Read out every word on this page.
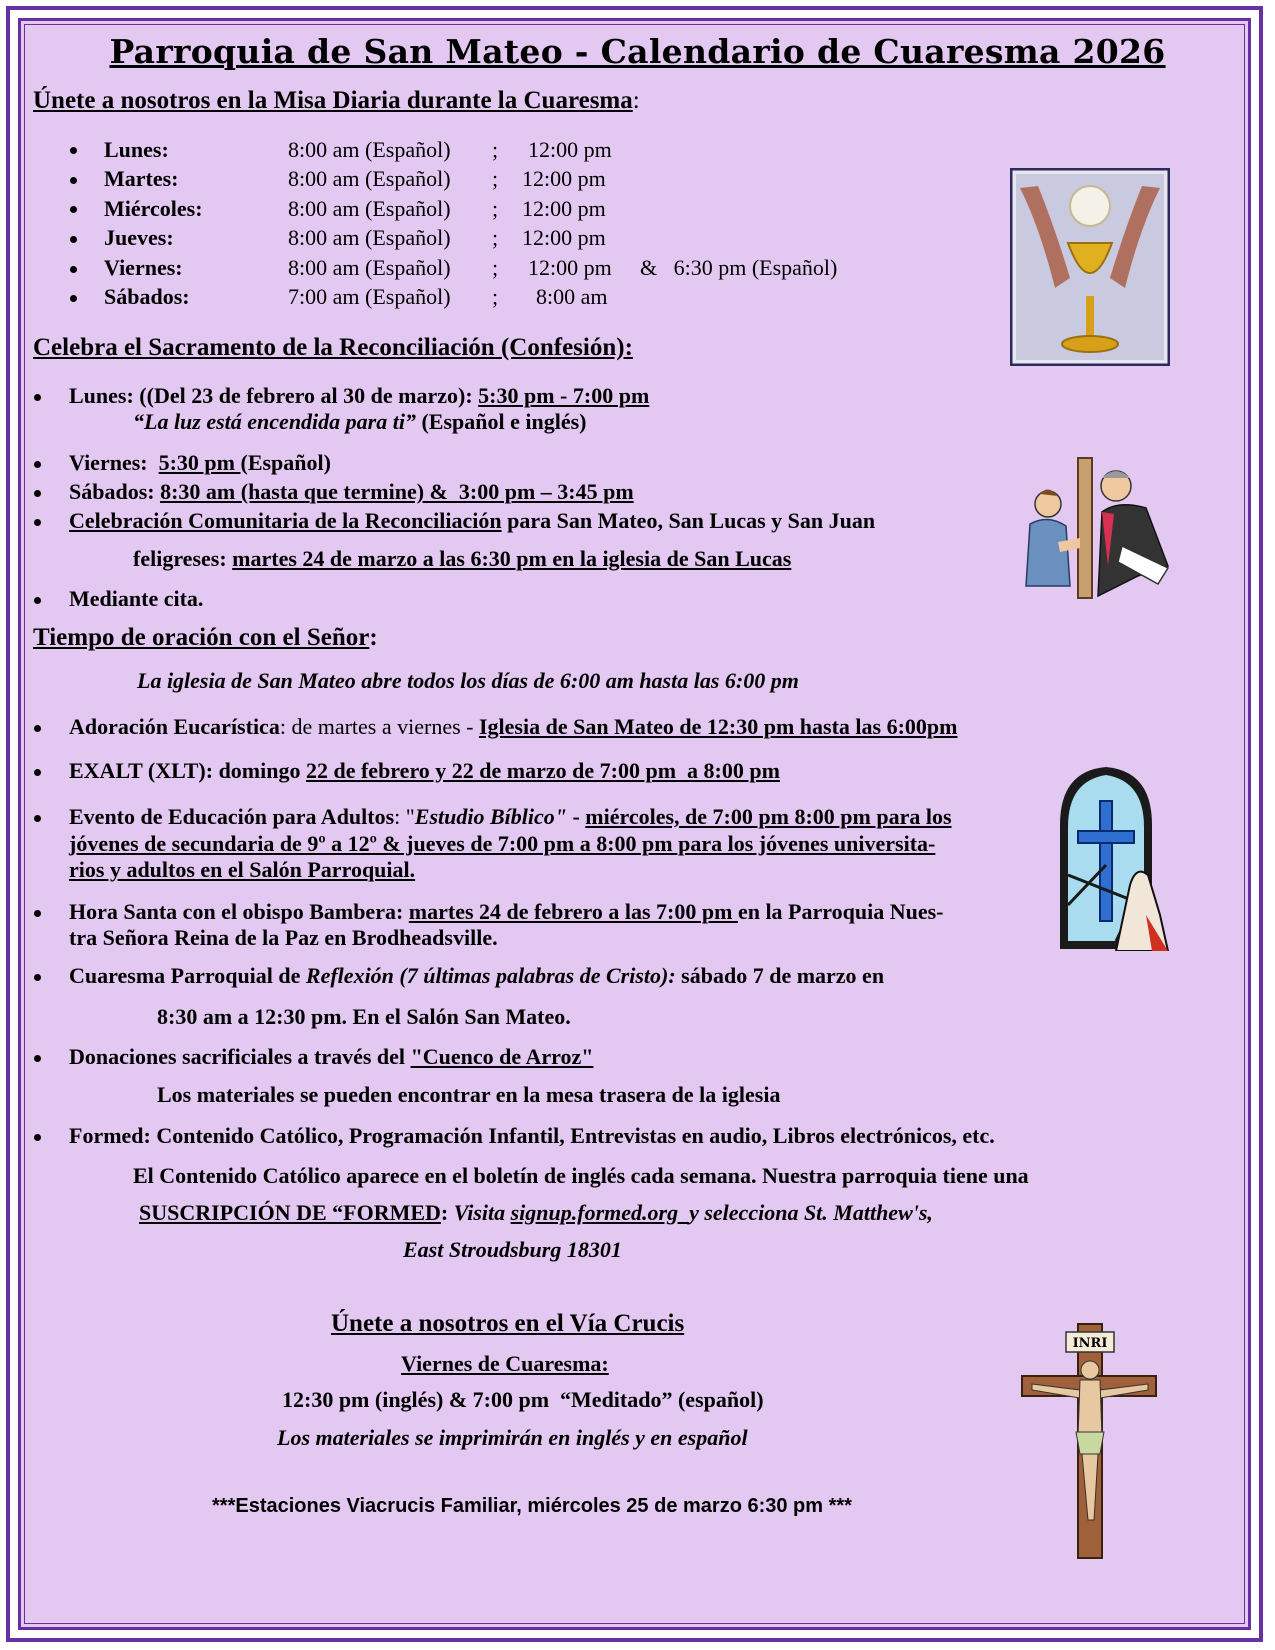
Parroquia de San Mateo - Calendario de Cuaresma 2026
Únete a nosotros en la Misa Diaria durante la Cuaresma:
Lunes:	8:00 am (Español) ; 12:00 pm
Martes:	8:00 am (Español) ; 12:00 pm
Miércoles:	8:00 am (Español) ; 12:00 pm
Jueves:	8:00 am (Español) ; 12:00 pm
Viernes:	8:00 am (Español) ; 12:00 pm &   6:30 pm (Español)
Sábados:	7:00 am (Español) ; 8:00 am
Celebra el Sacramento de la Reconciliación (Confesión):
Lunes: ((Del 23 de febrero al 30 de marzo): 5:30 pm - 7:00 pm
“La luz está encendida para ti” (Español e inglés)
Viernes:  5:30 pm (Español)
Sábados: 8:30 am (hasta que termine) &  3:00 pm – 3:45 pm
Celebración Comunitaria de la Reconciliación para San Mateo, San Lucas y San Juan
feligreses: martes 24 de marzo a las 6:30 pm en la iglesia de San Lucas
Mediante cita.
Tiempo de oración con el Señor:
La iglesia de San Mateo abre todos los días de 6:00 am hasta las 6:00 pm
Adoración Eucarística: de martes a viernes - Iglesia de San Mateo de 12:30 pm hasta las 6:00pm
EXALT (XLT): domingo 22 de febrero y 22 de marzo de 7:00 pm  a 8:00 pm
Evento de Educación para Adultos: "Estudio Bíblico" - miércoles, de 7:00 pm 8:00 pm para los
jóvenes de secundaria de 9º a 12º & jueves de 7:00 pm a 8:00 pm para los jóvenes universita-
rios y adultos en el Salón Parroquial.
Hora Santa con el obispo Bambera: martes 24 de febrero a las 7:00 pm en la Parroquia Nues-
tra Señora Reina de la Paz en Brodheadsville.
Cuaresma Parroquial de Reflexión (7 últimas palabras de Cristo): sábado 7 de marzo en
8:30 am a 12:30 pm. En el Salón San Mateo.
Donaciones sacrificiales a través del "Cuenco de Arroz"
Los materiales se pueden encontrar en la mesa trasera de la iglesia
Formed: Contenido Católico, Programación Infantil, Entrevistas en audio, Libros electrónicos, etc.
El Contenido Católico aparece en el boletín de inglés cada semana. Nuestra parroquia tiene una
SUSCRIPCIÓN DE “FORMED: Visita signup.formed.org  y selecciona St. Matthew's,
East Stroudsburg 18301
Únete a nosotros en el Vía Crucis
Viernes de Cuaresma:
12:30 pm (inglés) & 7:00 pm  “Meditado” (español)
Los materiales se imprimirán en inglés y en español
***Estaciones Viacrucis Familiar, miércoles 25 de marzo 6:30 pm ***
INRI
